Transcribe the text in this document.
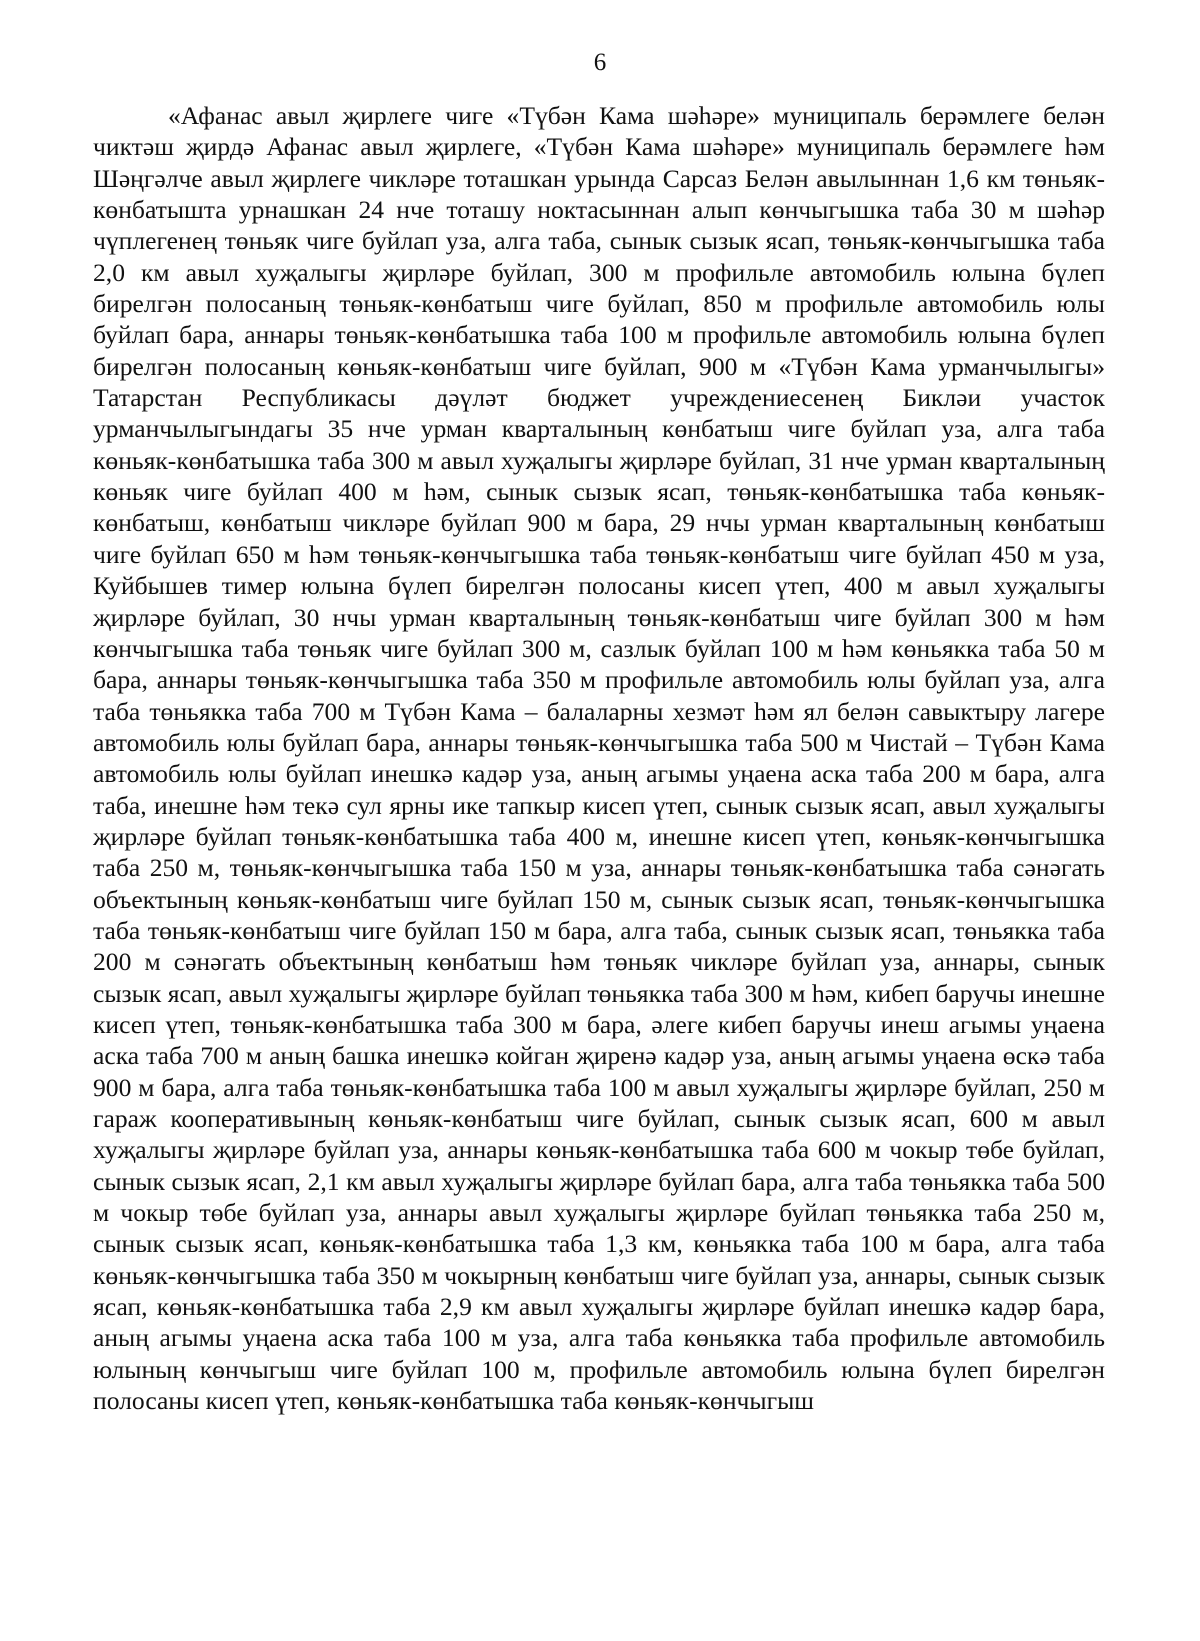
6

«Афанас авыл җирлеге чиге «Түбән Кама шәһәре» муниципаль берәмлеге белән чиктәш җирдә Афанас авыл җирлеге, «Түбән Кама шәһәре» муниципаль берәмлеге һәм Шәңгәлче авыл җирлеге чикләре тоташкан урында Сарсаз Белән авылыннан 1,6 км төньяк-көнбатышта урнашкан 24 нче тоташу ноктасыннан алып көнчыгышка таба 30 м шәһәр чүплегенең төньяк чиге буйлап уза, алга таба, сынык сызык ясап, төньяк-көнчыгышка таба 2,0 км авыл хуҗалыгы җирләре буйлап, 300 м профильле автомобиль юлына бүлеп бирелгән полосаның төньяк-көнбатыш чиге буйлап, 850 м профильле автомобиль юлы буйлап бара, аннары төньяк-көнбатышка таба 100 м профильле автомобиль юлына бүлеп бирелгән полосаның көньяк-көнбатыш чиге буйлап, 900 м «Түбән Кама урманчылыгы» Татарстан Республикасы дәүләт бюджет учреждениесенең Бикләи участок урманчылыгындагы 35 нче урман кварталының көнбатыш чиге буйлап уза, алга таба көньяк-көнбатышка таба 300 м авыл хуҗалыгы җирләре буйлап, 31 нче урман кварталының көньяк чиге буйлап 400 м һәм, сынык сызык ясап, төньяк-көнбатышка таба көньяк-көнбатыш, көнбатыш чикләре буйлап 900 м бара, 29 нчы урман кварталының көнбатыш чиге буйлап 650 м һәм төньяк-көнчыгышка таба төньяк-көнбатыш чиге буйлап 450 м уза, Куйбышев тимер юлына бүлеп бирелгән полосаны кисеп үтеп, 400 м авыл хуҗалыгы җирләре буйлап, 30 нчы урман кварталының төньяк-көнбатыш чиге буйлап 300 м һәм көнчыгышка таба төньяк чиге буйлап 300 м, сазлык буйлап 100 м һәм көньякка таба 50 м бара, аннары төньяк-көнчыгышка таба 350 м профильле автомобиль юлы буйлап уза, алга таба төньякка таба 700 м Түбән Кама – балаларны хезмәт һәм ял белән савыктыру лагере автомобиль юлы буйлап бара, аннары төньяк-көнчыгышка таба 500 м Чистай – Түбән Кама автомобиль юлы буйлап инешкә кадәр уза, аның агымы уңаена аска таба 200 м бара, алга таба, инешне һәм текә сул ярны ике тапкыр кисеп үтеп, сынык сызык ясап, авыл хуҗалыгы җирләре буйлап төньяк-көнбатышка таба 400 м, инешне кисеп үтеп, көньяк-көнчыгышка таба 250 м, төньяк-көнчыгышка таба 150 м уза, аннары төньяк-көнбатышка таба сәнәгать объектының көньяк-көнбатыш чиге буйлап 150 м, сынык сызык ясап, төньяк-көнчыгышка таба төньяк-көнбатыш чиге буйлап 150 м бара, алга таба, сынык сызык ясап, төньякка таба 200 м сәнәгать объектының көнбатыш һәм төньяк чикләре буйлап уза, аннары, сынык сызык ясап, авыл хуҗалыгы җирләре буйлап төньякка таба 300 м һәм, кибеп баручы инешне кисеп үтеп, төньяк-көнбатышка таба 300 м бара, әлеге кибеп баручы инеш агымы уңаена аска таба 700 м аның башка инешкә койган җиренә кадәр уза, аның агымы уңаена өскә таба 900 м бара, алга таба төньяк-көнбатышка таба 100 м авыл хуҗалыгы җирләре буйлап, 250 м гараж кооперативының көньяк-көнбатыш чиге буйлап, сынык сызык ясап, 600 м авыл хуҗалыгы җирләре буйлап уза, аннары көньяк-көнбатышка таба 600 м чокыр төбе буйлап, сынык сызык ясап, 2,1 км авыл хуҗалыгы җирләре буйлап бара, алга таба төньякка таба 500 м чокыр төбе буйлап уза, аннары авыл хуҗалыгы җирләре буйлап төньякка таба 250 м, сынык сызык ясап, көньяк-көнбатышка таба 1,3 км, көньякка таба 100 м бара, алга таба көньяк-көнчыгышка таба 350 м чокырның көнбатыш чиге буйлап уза, аннары, сынык сызык ясап, көньяк-көнбатышка таба 2,9 км авыл хуҗалыгы җирләре буйлап инешкә кадәр бара, аның агымы уңаена аска таба 100 м уза, алга таба көньякка таба профильле автомобиль юлының көнчыгыш чиге буйлап 100 м, профильле автомобиль юлына бүлеп бирелгән полосаны кисеп үтеп, көньяк-көнбатышка таба көньяк-көнчыгыш
